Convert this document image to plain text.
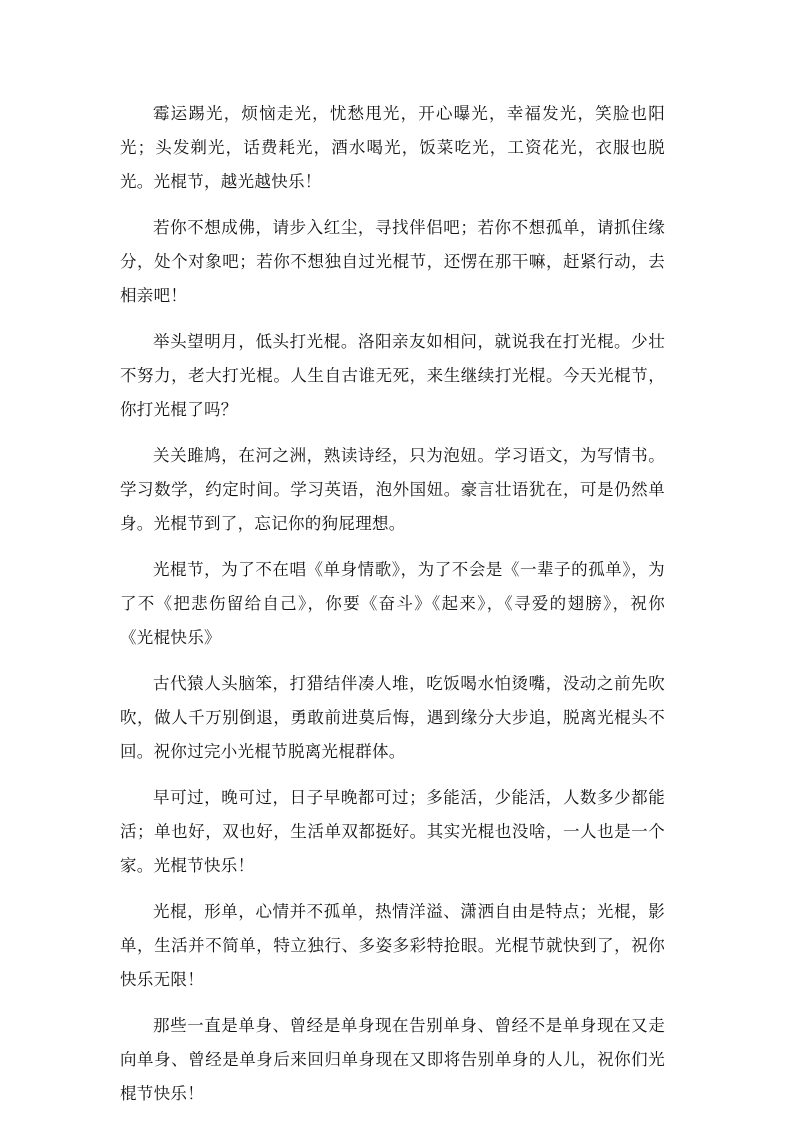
霉运踢光，烦恼走光，忧愁甩光，开心曝光，幸福发光，笑脸也阳光；头发剃光，话费耗光，酒水喝光，饭菜吃光，工资花光，衣服也脱光。光棍节，越光越快乐！

若你不想成佛，请步入红尘，寻找伴侣吧；若你不想孤单，请抓住缘分，处个对象吧；若你不想独自过光棍节，还愣在那干嘛，赶紧行动，去相亲吧！

举头望明月，低头打光棍。洛阳亲友如相问，就说我在打光棍。少壮不努力，老大打光棍。人生自古谁无死，来生继续打光棍。今天光棍节，你打光棍了吗？

关关雎鸠，在河之洲，熟读诗经，只为泡妞。学习语文，为写情书。学习数学，约定时间。学习英语，泡外国妞。豪言壮语犹在，可是仍然单身。光棍节到了，忘记你的狗屁理想。

光棍节，为了不在唱《单身情歌》，为了不会是《一辈子的孤单》，为了不《把悲伤留给自己》，你要《奋斗》《起来》，《寻爱的翅膀》，祝你《光棍快乐》

古代猿人头脑笨，打猎结伴凑人堆，吃饭喝水怕烫嘴，没动之前先吹吹，做人千万别倒退，勇敢前进莫后悔，遇到缘分大步追，脱离光棍头不回。祝你过完小光棍节脱离光棍群体。

早可过，晚可过，日子早晚都可过；多能活，少能活，人数多少都能活；单也好，双也好，生活单双都挺好。其实光棍也没啥，一人也是一个家。光棍节快乐！

光棍，形单，心情并不孤单，热情洋溢、潇洒自由是特点；光棍，影单，生活并不简单，特立独行、多姿多彩特抢眼。光棍节就快到了，祝你快乐无限！

那些一直是单身、曾经是单身现在告别单身、曾经不是单身现在又走向单身、曾经是单身后来回归单身现在又即将告别单身的人儿，祝你们光棍节快乐！
